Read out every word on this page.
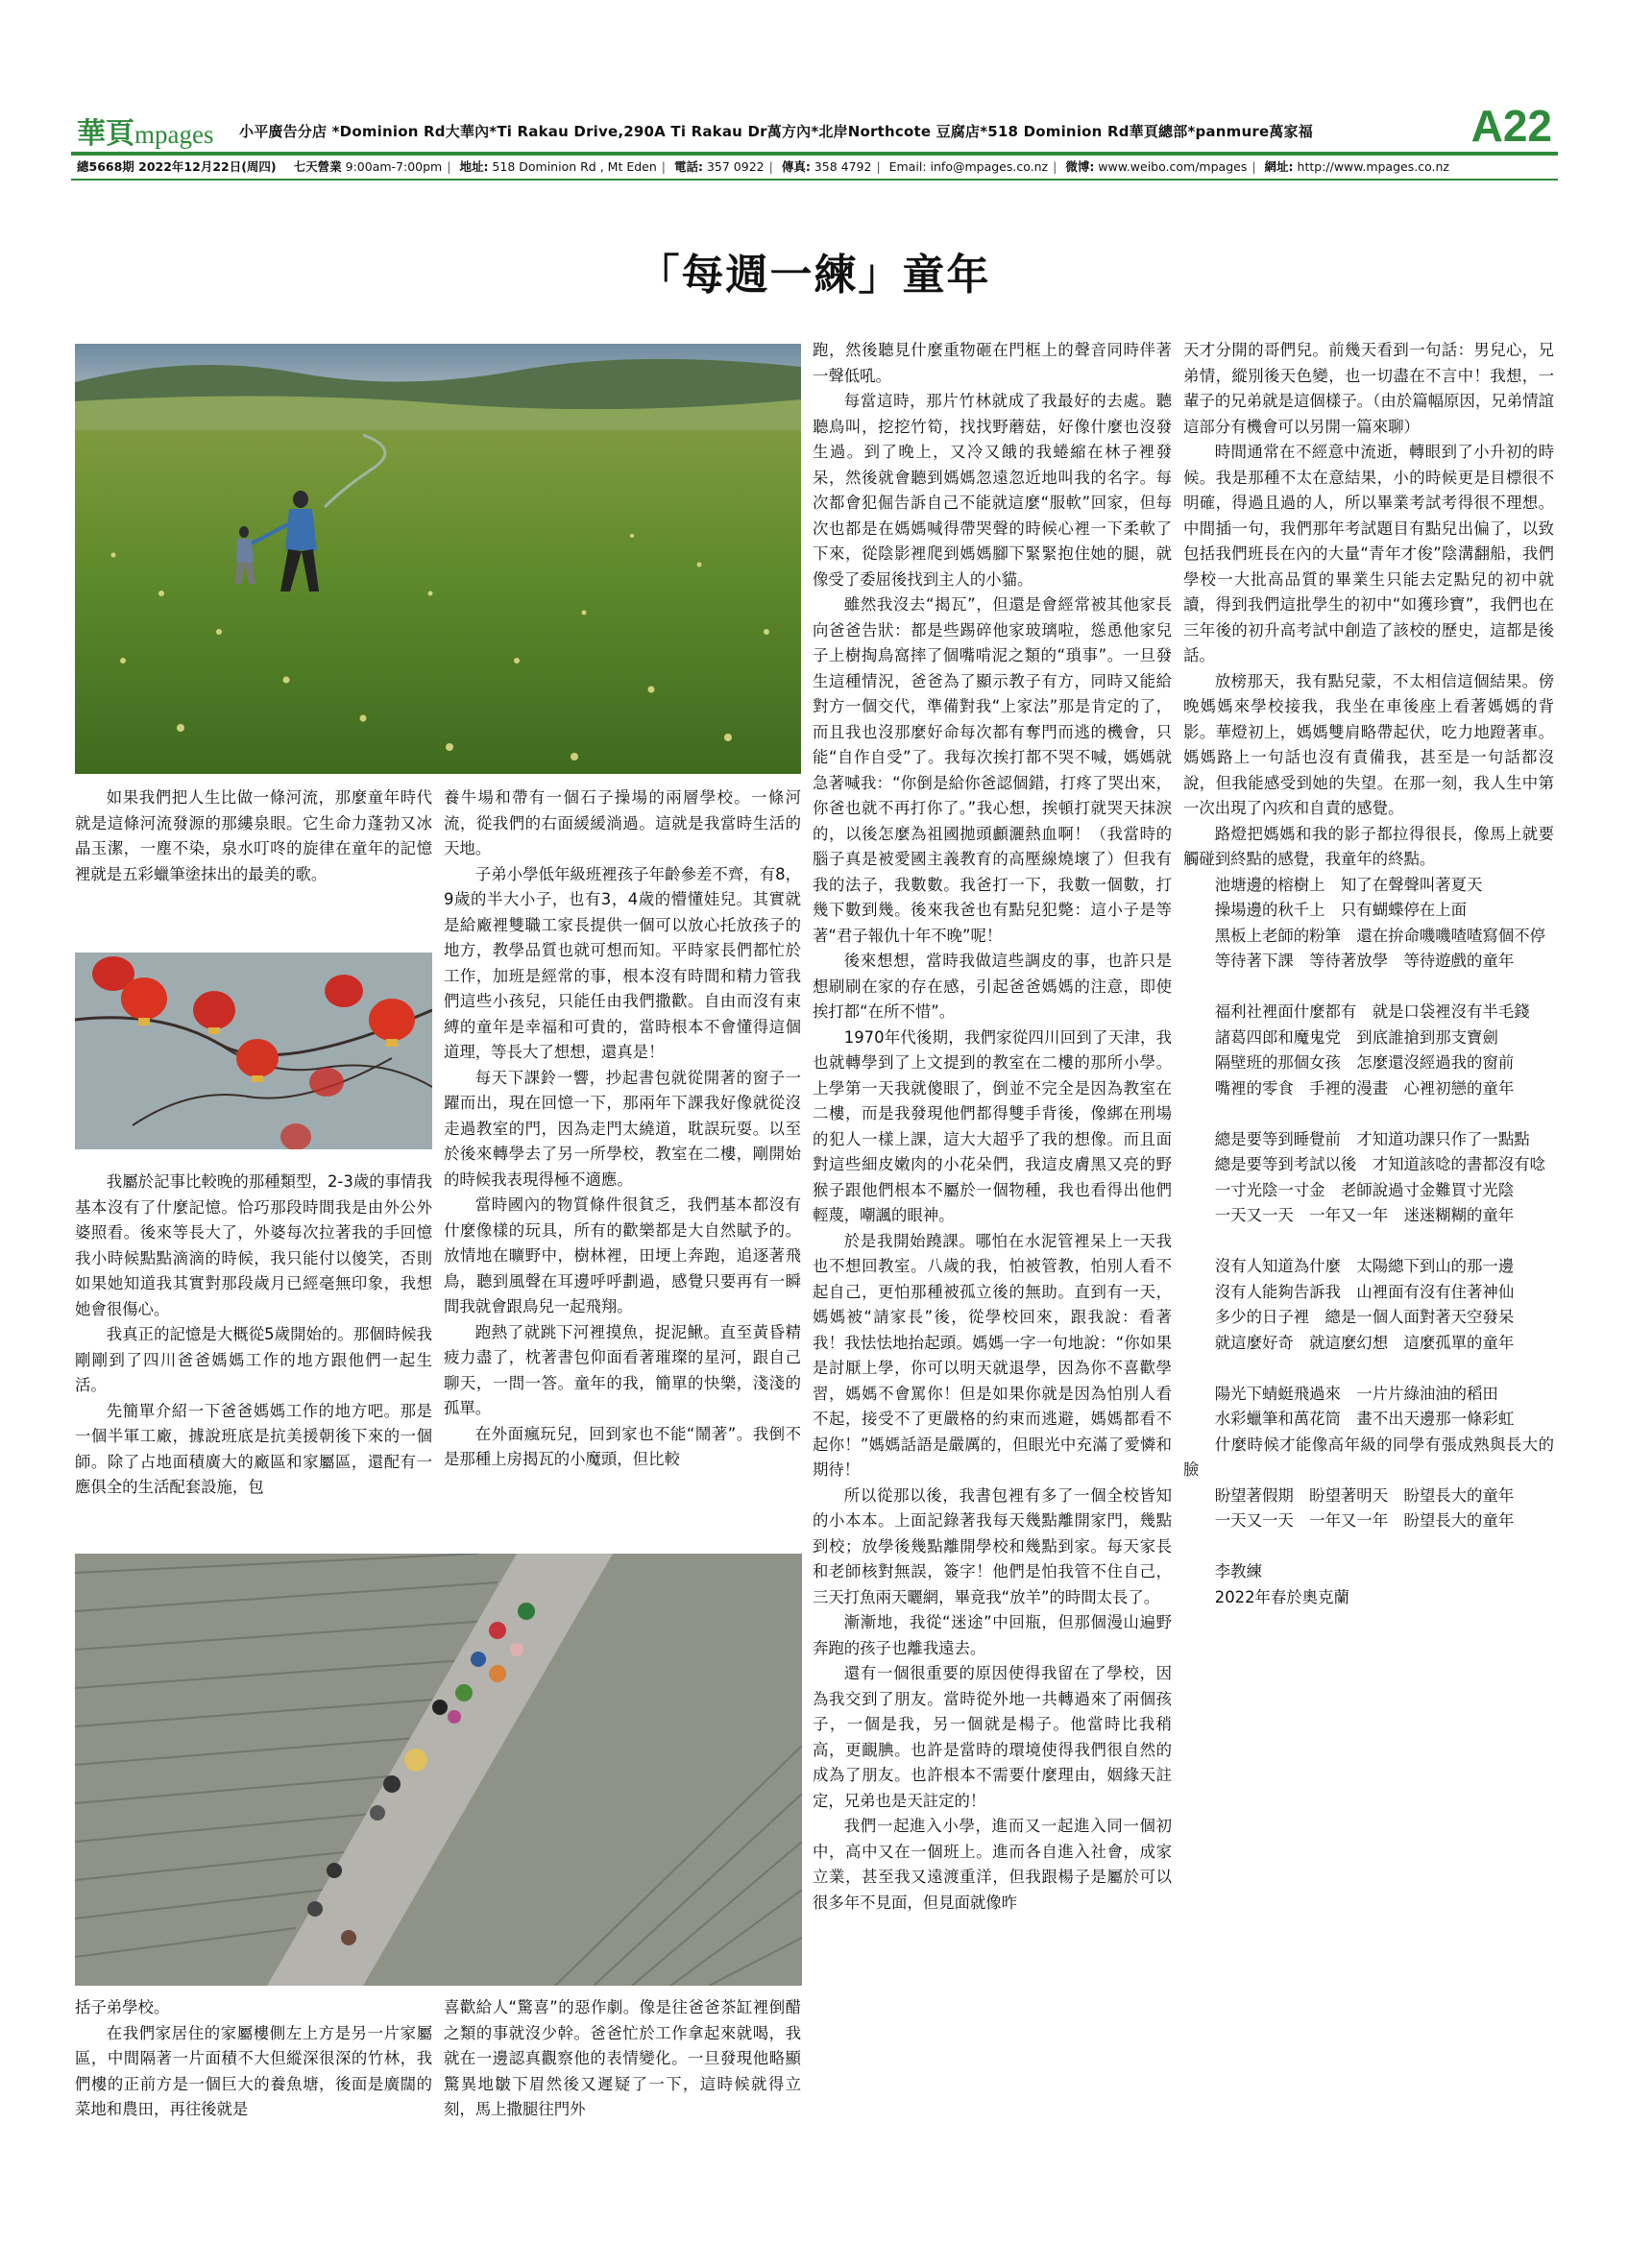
華頁mpages 小平廣告分店 *Dominion Rd大華內*Ti Rakau Drive,290A Ti Rakau Dr萬方內*北岸Northcote 豆腐店*518 Dominion Rd華頁總部*panmure萬家福	A22
總5668期 2022年12月22日(周四) 七天營業 9:00am-7:00pm | 地址: 518 Dominion Rd , Mt Eden | 電話: 357 0922 | 傳真: 358 4792 | Email: info@mpages.co.nz | 微博: www.weibo.com/mpages | 網址: http://www.mpages.co.nz
「每週一練」童年

如果我們把人生比做一條河流，那麼童年時代就是這條河流發源的那縷泉眼。它生命力蓬勃又冰晶玉潔，一塵不染，泉水叮咚的旋律在童年的記憶裡就是五彩蠟筆塗抹出的最美的歌。

我屬於記事比較晚的那種類型，2-3歲的事情我基本沒有了什麼記憶。恰巧那段時間我是由外公外婆照看。後來等長大了，外婆每次拉著我的手回憶我小時候點點滴滴的時候，我只能付以傻笑，否則如果她知道我其實對那段歲月已經毫無印象，我想她會很傷心。

我真正的記憶是大概從5歲開始的。那個時候我剛剛到了四川爸爸媽媽工作的地方跟他們一起生活。

先簡單介紹一下爸爸媽媽工作的地方吧。那是一個半軍工廠，據說班底是抗美援朝後下來的一個師。除了占地面積廣大的廠區和家屬區，還配有一應俱全的生活配套設施，包

括子弟學校。

在我們家居住的家屬樓側左上方是另一片家屬區，中間隔著一片面積不大但縱深很深的竹林，我們樓的正前方是一個巨大的養魚塘，後面是廣闊的菜地和農田，再往後就是

養牛場和帶有一個石子操場的兩層學校。一條河流，從我們的右面緩緩淌過。這就是我當時生活的天地。

子弟小學低年級班裡孩子年齡參差不齊，有8，9歲的半大小子，也有3，4歲的懵懂娃兒。其實就是給廠裡雙職工家長提供一個可以放心托放孩子的地方，教學品質也就可想而知。平時家長們都忙於工作，加班是經常的事，根本沒有時間和精力管我們這些小孩兒，只能任由我們撒歡。自由而沒有束縛的童年是幸福和可貴的，當時根本不會懂得這個道理，等長大了想想，還真是！

每天下課鈴一響，抄起書包就從開著的窗子一躍而出，現在回憶一下，那兩年下課我好像就從沒走過教室的門，因為走門太繞道，耽誤玩耍。以至於後來轉學去了另一所學校，教室在二樓，剛開始的時候我表現得極不適應。

當時國內的物質條件很貧乏，我們基本都沒有什麼像樣的玩具，所有的歡樂都是大自然賦予的。放情地在曠野中，樹林裡，田埂上奔跑，追逐著飛鳥，聽到風聲在耳邊呼呼劃過，感覺只要再有一瞬間我就會跟鳥兒一起飛翔。

跑熱了就跳下河裡摸魚，捉泥鰍。直至黃昏精疲力盡了，枕著書包仰面看著璀璨的星河，跟自己聊天，一問一答。童年的我，簡單的快樂，淺淺的孤單。

在外面瘋玩兒，回到家也不能“鬧著”。我倒不是那種上房揭瓦的小魔頭，但比較

喜歡給人“驚喜”的惡作劇。像是往爸爸茶缸裡倒醋之類的事就沒少幹。爸爸忙於工作拿起來就喝，我就在一邊認真觀察他的表情變化。一旦發現他略顯驚異地皺下眉然後又遲疑了一下，這時候就得立刻，馬上撒腿往門外

跑，然後聽見什麼重物砸在門框上的聲音同時伴著一聲低吼。

每當這時，那片竹林就成了我最好的去處。聽聽鳥叫，挖挖竹筍，找找野蘑菇，好像什麼也沒發生過。到了晚上，又冷又餓的我蜷縮在林子裡發呆，然後就會聽到媽媽忽遠忽近地叫我的名字。每次都會犯倔告訴自己不能就這麼“服軟”回家，但每次也都是在媽媽喊得帶哭聲的時候心裡一下柔軟了下來，從陰影裡爬到媽媽腳下緊緊抱住她的腿，就像受了委屈後找到主人的小貓。

雖然我沒去“揭瓦”，但還是會經常被其他家長向爸爸告狀：都是些踢碎他家玻璃啦，慫恿他家兒子上樹掏鳥窩摔了個嘴啃泥之類的“瑣事”。一旦發生這種情況，爸爸為了顯示教子有方，同時又能給對方一個交代，準備對我“上家法”那是肯定的了，而且我也沒那麼好命每次都有奪門而逃的機會，只能“自作自受”了。我每次挨打都不哭不喊，媽媽就急著喊我：“你倒是給你爸認個錯，打疼了哭出來，你爸也就不再打你了。”我心想，挨頓打就哭天抹淚的，以後怎麼為祖國拋頭顱灑熱血啊！（我當時的腦子真是被愛國主義教育的高壓線燒壞了）但我有我的法子，我數數。我爸打一下，我數一個數，打幾下數到幾。後來我爸也有點兒犯斃：這小子是等著“君子報仇十年不晚”呢！

後來想想，當時我做這些調皮的事，也許只是想刷刷在家的存在感，引起爸爸媽媽的注意，即使挨打都“在所不惜”。

1970年代後期，我們家從四川回到了天津，我也就轉學到了上文提到的教室在二樓的那所小學。上學第一天我就傻眼了，倒並不完全是因為教室在二樓，而是我發現他們都得雙手背後，像綁在刑場的犯人一樣上課，這大大超乎了我的想像。而且面對這些細皮嫩肉的小花朵們，我這皮膚黑又亮的野猴子跟他們根本不屬於一個物種，我也看得出他們輕蔑，嘲諷的眼神。

於是我開始蹺課。哪怕在水泥管裡呆上一天我也不想回教室。八歲的我，怕被管教，怕別人看不起自己，更怕那種被孤立後的無助。直到有一天，媽媽被“請家長”後，從學校回來，跟我說：看著我！我怯怯地抬起頭。媽媽一字一句地說：“你如果是討厭上學，你可以明天就退學，因為你不喜歡學習，媽媽不會罵你！但是如果你就是因為怕別人看不起，接受不了更嚴格的約束而逃避，媽媽都看不起你！”媽媽話語是嚴厲的，但眼光中充滿了愛憐和期待！

所以從那以後，我書包裡有多了一個全校皆知的小本本。上面記錄著我每天幾點離開家門，幾點到校；放學後幾點離開學校和幾點到家。每天家長和老師核對無誤，簽字！他們是怕我管不住自己，三天打魚兩天曬網，畢竟我“放羊”的時間太長了。

漸漸地，我從“迷途”中回瓶，但那個漫山遍野奔跑的孩子也離我遠去。

還有一個很重要的原因使得我留在了學校，因為我交到了朋友。當時從外地一共轉過來了兩個孩子，一個是我，另一個就是楊子。他當時比我稍高，更靦腆。也許是當時的環境使得我們很自然的成為了朋友。也許根本不需要什麼理由，姻緣天註定，兄弟也是天註定的！

我們一起進入小學，進而又一起進入同一個初中，高中又在一個班上。進而各自進入社會，成家立業，甚至我又遠渡重洋，但我跟楊子是屬於可以很多年不見面，但見面就像昨

天才分開的哥們兒。前幾天看到一句話：男兒心，兄弟情，縱別後天色變，也一切盡在不言中！我想，一輩子的兄弟就是這個樣子。（由於篇幅原因，兄弟情誼這部分有機會可以另開一篇來聊）

時間通常在不經意中流逝，轉眼到了小升初的時候。我是那種不太在意結果，小的時候更是目標很不明確，得過且過的人，所以畢業考試考得很不理想。中間插一句，我們那年考試題目有點兒出偏了，以致包括我們班長在內的大量“青年才俊”陰溝翻船，我們學校一大批高品質的畢業生只能去定點兒的初中就讀，得到我們這批學生的初中“如獲珍寶”，我們也在三年後的初升高考試中創造了該校的歷史，這都是後話。

放榜那天，我有點兒蒙，不太相信這個結果。傍晚媽媽來學校接我，我坐在車後座上看著媽媽的背影。華燈初上，媽媽雙肩略帶起伏，吃力地蹬著車。媽媽路上一句話也沒有責備我，甚至是一句話都沒說，但我能感受到她的失望。在那一刻，我人生中第一次出現了內疚和自責的感覺。

路燈把媽媽和我的影子都拉得很長，像馬上就要觸碰到終點的感覺，我童年的終點。

池塘邊的榕樹上　知了在聲聲叫著夏天
操場邊的秋千上　只有蝴蝶停在上面
黑板上老師的粉筆　還在拚命嘰嘰喳喳寫個不停
等待著下課　等待著放學　等待遊戲的童年
福利社裡面什麼都有　就是口袋裡沒有半毛錢
諸葛四郎和魔鬼党　到底誰搶到那支寶劍
隔壁班的那個女孩　怎麼還沒經過我的窗前
嘴裡的零食　手裡的漫畫　心裡初戀的童年
總是要等到睡覺前　才知道功課只作了一點點
總是要等到考試以後　才知道該唸的書都沒有唸
一寸光陰一寸金　老師說過寸金難買寸光陰
一天又一天　一年又一年　迷迷糊糊的童年
沒有人知道為什麼　太陽總下到山的那一邊
沒有人能夠告訴我　山裡面有沒有住著神仙
多少的日子裡　總是一個人面對著天空發呆
就這麼好奇　就這麼幻想　這麼孤單的童年
陽光下蜻蜓飛過來　一片片綠油油的稻田
水彩蠟筆和萬花筒　畫不出天邊那一條彩虹
什麼時候才能像高年級的同學有張成熟與長大的臉
盼望著假期　盼望著明天　盼望長大的童年
一天又一天　一年又一年　盼望長大的童年

李教練

2022年春於奧克蘭
